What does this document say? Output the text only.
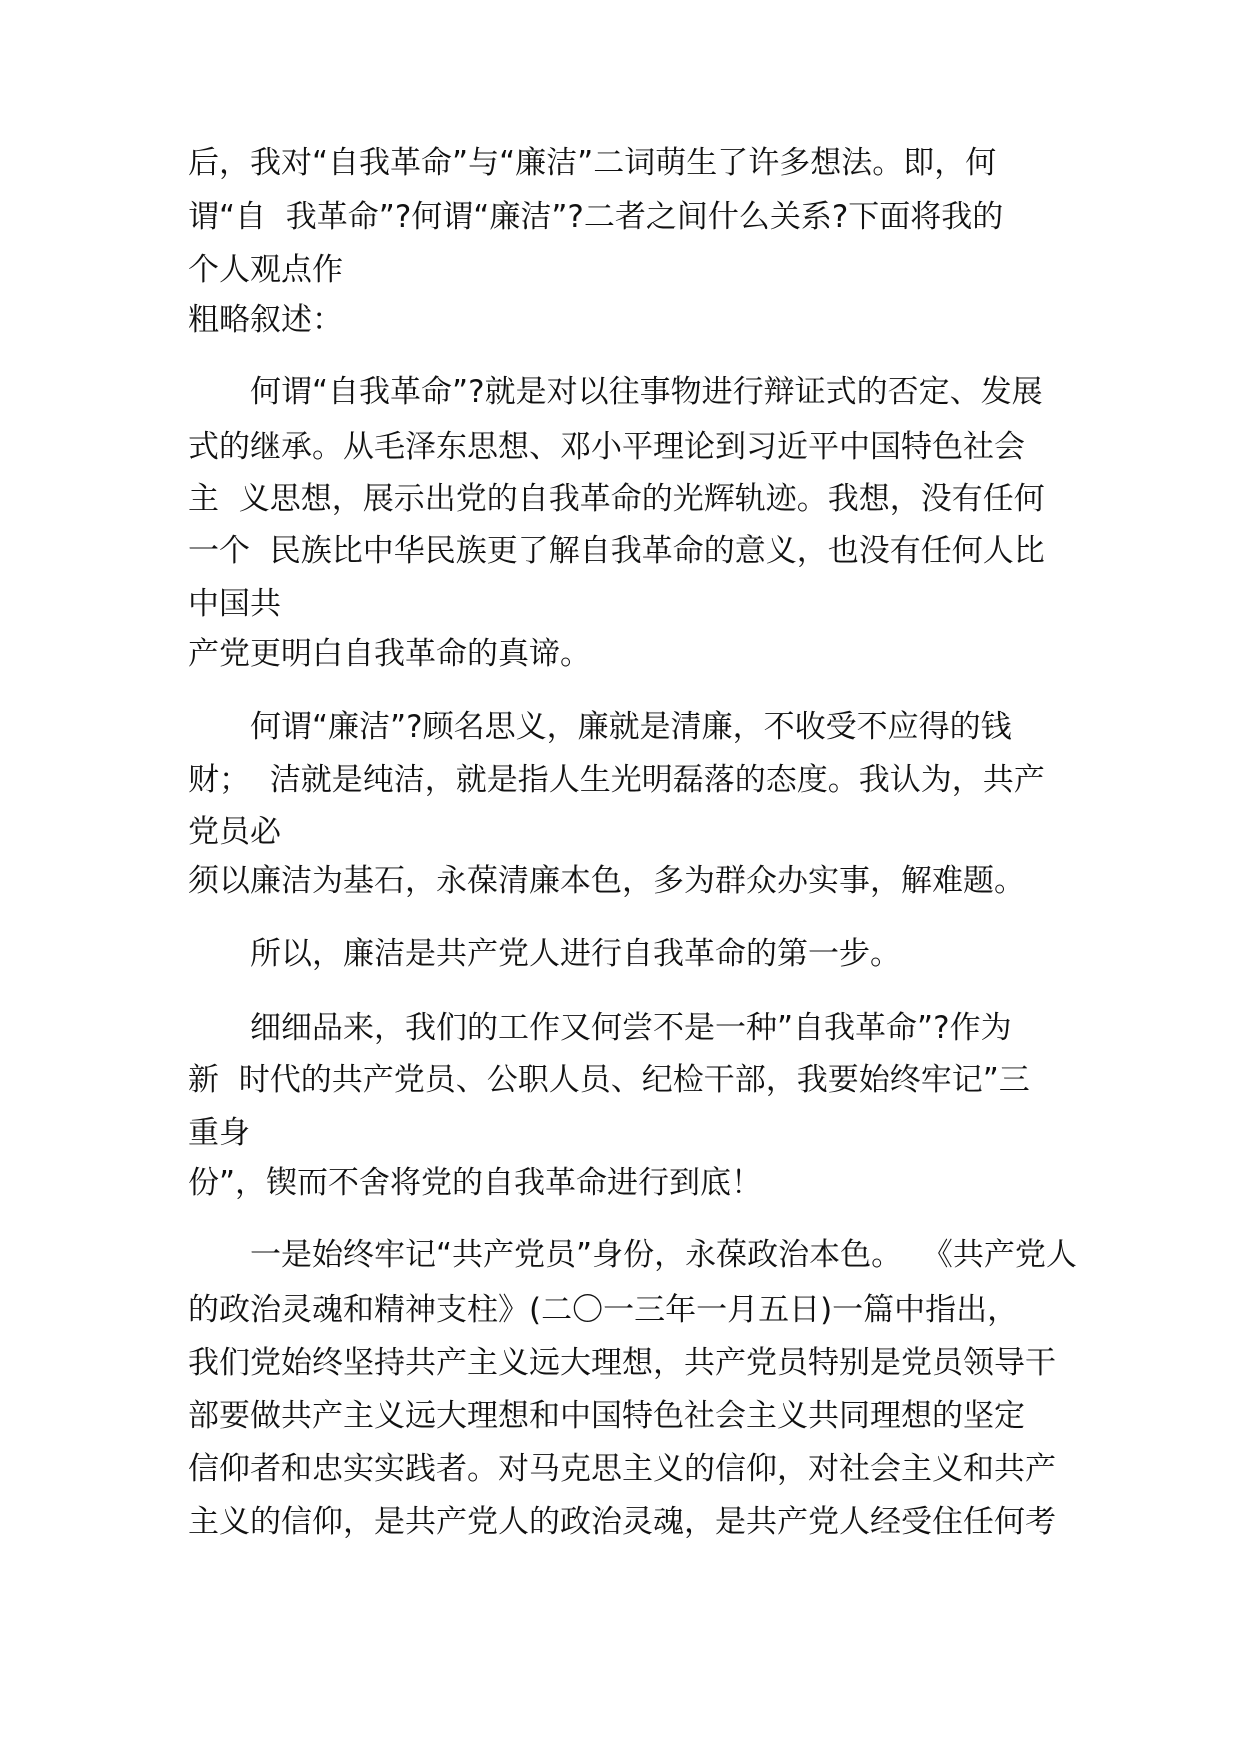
后，我对“自我革命”与“廉洁”二词萌生了许多想法。即，何
谓“自  我革命”?何谓“廉洁”?二者之间什么关系?下面将我的
个人观点作
粗略叙述：
何谓“自我革命”?就是对以往事物进行辩证式的否定、发展
式的继承。从毛泽东思想、邓小平理论到习近平中国特色社会
主  义思想，展示出党的自我革命的光辉轨迹。我想，没有任何
一个  民族比中华民族更了解自我革命的意义，也没有任何人比
中国共
产党更明白自我革命的真谛。
何谓“廉洁”?顾名思义，廉就是清廉，不收受不应得的钱
财；  洁就是纯洁，就是指人生光明磊落的态度。我认为，共产
党员必
须以廉洁为基石，永葆清廉本色，多为群众办实事，解难题。
所以，廉洁是共产党人进行自我革命的第一步。
细细品来，我们的工作又何尝不是一种”自我革命”?作为
新  时代的共产党员、公职人员、纪检干部，我要始终牢记”三
重身
份”，锲而不舍将党的自我革命进行到底！
一是始终牢记“共产党员”身份，永葆政治本色。  《共产党人
的政治灵魂和精神支柱》(二〇一三年一月五日)一篇中指出，
我们党始终坚持共产主义远大理想，共产党员特别是党员领导干
部要做共产主义远大理想和中国特色社会主义共同理想的坚定
信仰者和忠实实践者。对马克思主义的信仰，对社会主义和共产
主义的信仰，是共产党人的政治灵魂，是共产党人经受住任何考
